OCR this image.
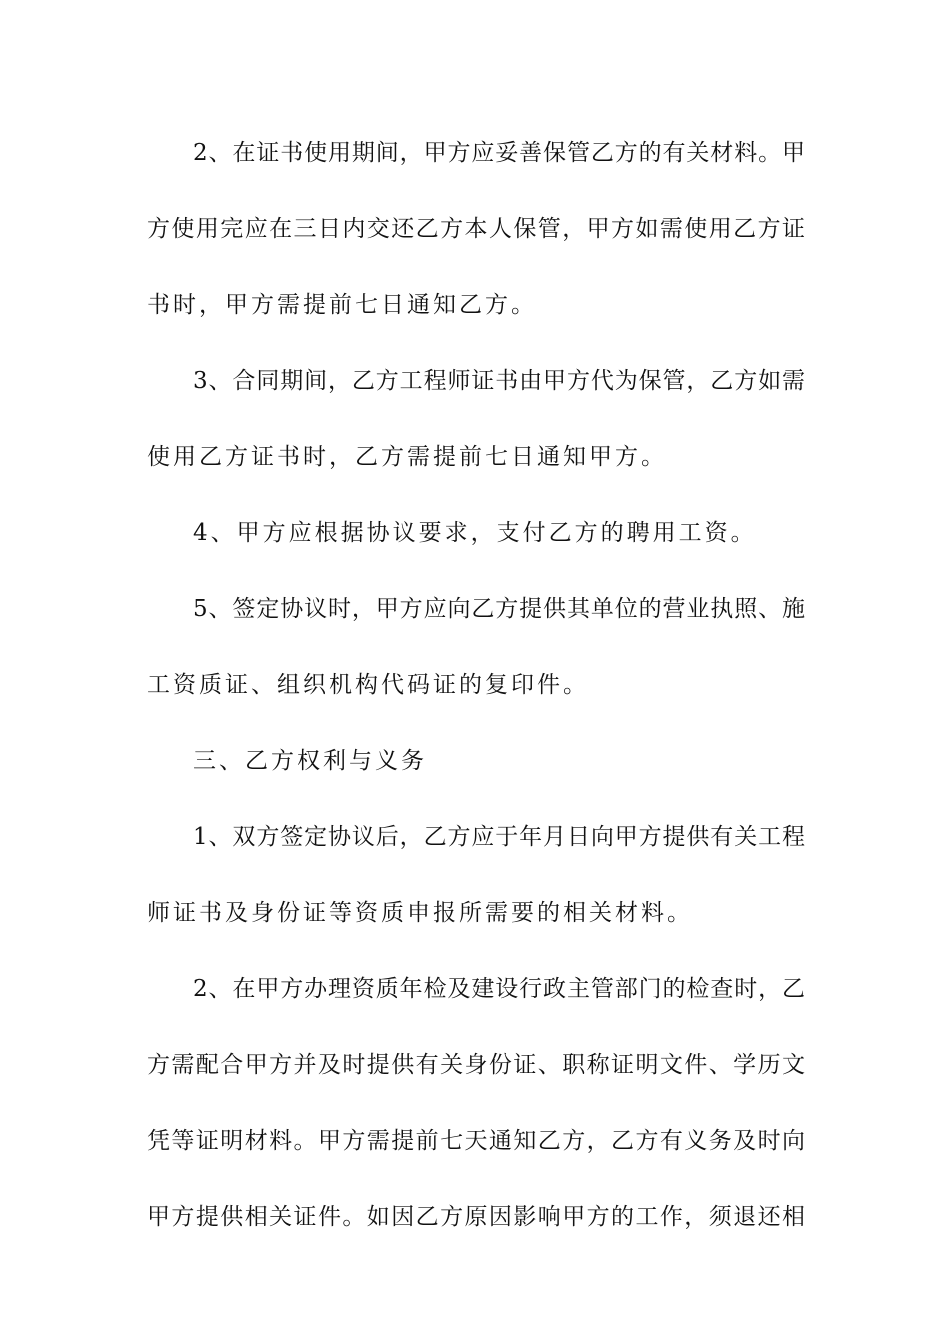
2、在证书使用期间，甲方应妥善保管乙方的有关材料。甲
方使用完应在三日内交还乙方本人保管，甲方如需使用乙方证
书时，甲方需提前七日通知乙方。
3、合同期间，乙方工程师证书由甲方代为保管，乙方如需
使用乙方证书时，乙方需提前七日通知甲方。
4、甲方应根据协议要求，支付乙方的聘用工资。
5、签定协议时，甲方应向乙方提供其单位的营业执照、施
工资质证、组织机构代码证的复印件。
三、乙方权利与义务
1、双方签定协议后，乙方应于年月日向甲方提供有关工程
师证书及身份证等资质申报所需要的相关材料。
2、在甲方办理资质年检及建设行政主管部门的检查时，乙
方需配合甲方并及时提供有关身份证、职称证明文件、学历文
凭等证明材料。甲方需提前七天通知乙方，乙方有义务及时向
甲方提供相关证件。如因乙方原因影响甲方的工作，须退还相
